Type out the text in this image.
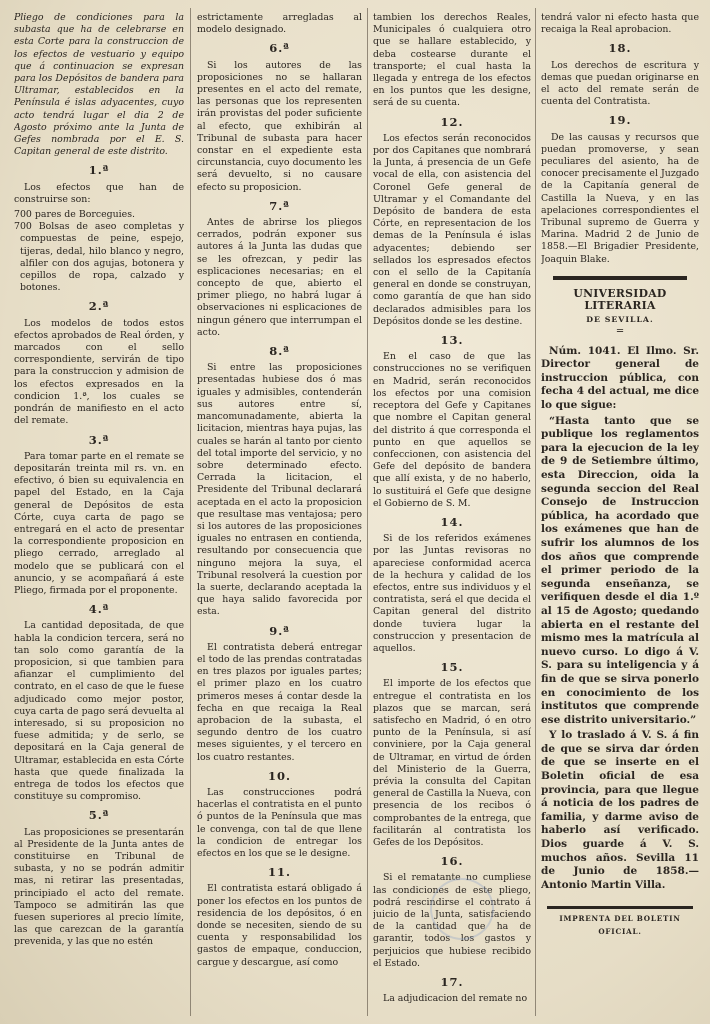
Pliego de condiciones para la subasta que ha de celebrarse en esta Corte para la construccion de los efectos de vestuario y equipo que á continuacion se expresan para los Depósitos de bandera para Ultramar, establecidos en la Península é islas adyacentes, cuyo acto tendrá lugar el dia 2 de Agosto próximo ante la Junta de Gefes nombrada por el E. S. Capitan general de este distrito.

1.ª

Los efectos que han de construirse son:

700 pares de Borceguies.
700 Bolsas de aseo completas y compuestas de peine, espejo, tijeras, dedal, hilo blanco y negro, alfiler con dos agujas, botonera y cepillos de ropa, calzado y botones.
2.ª

Los modelos de todos estos efectos aprobados de Real órden, y marcados con el sello correspondiente, servirán de tipo para la construccion y admision de los efectos expresados en la condicion 1.ª, los cuales se pondrán de manifiesto en el acto del remate.

3.ª

Para tomar parte en el remate se depositarán treinta mil rs. vn. en efectivo, ó bien su equivalencia en papel del Estado, en la Caja general de Depósitos de esta Córte, cuya carta de pago se entregará en el acto de presentar la correspondiente proposicion en pliego cerrado, arreglado al modelo que se publicará con el anuncio, y se acompañará á este Pliego, firmada por el proponente.

4.ª

La cantidad depositada, de que habla la condicion tercera, será no tan solo como garantía de la proposicion, si que tambien para afianzar el cumplimiento del contrato, en el caso de que le fuese adjudicado como mejor postor, cuya carta de pago será devuelta al interesado, si su proposicion no fuese admitida; y de serlo, se depositará en la Caja general de Ultramar, establecida en esta Córte hasta que quede finalizada la entrega de todos los efectos que constituye su compromiso.

5.ª

Las proposiciones se presentarán al Presidente de la Junta antes de constituirse en Tribunal de subasta, y no se podrán admitir mas, ni retirar las presentadas, principiado el acto del remate. Tampoco se admitirán las que fuesen superiores al precio límite, las que carezcan de la garantía prevenida, y las que no estén

estrictamente arregladas al modelo designado.

6.ª

Si los autores de las proposiciones no se hallaran presentes en el acto del remate, las personas que los representen irán provistas del poder suficiente al efecto, que exhibirán al Tribunal de subasta para hacer constar en el expediente esta circunstancia, cuyo documento les será devuelto, si no causare efecto su proposicion.

7.ª

Antes de abrirse los pliegos cerrados, podrán exponer sus autores á la Junta las dudas que se les ofrezcan, y pedir las esplicaciones necesarias; en el concepto de que, abierto el primer pliego, no habrá lugar á observaciones ni esplicaciones de ningun género que interrumpan el acto.

8.ª

Si entre las proposiciones presentadas hubiese dos ó mas iguales y admisibles, contenderán sus autores entre sí, mancomunadamente, abierta la licitacion, mientras haya pujas, las cuales se harán al tanto por ciento del total importe del servicio, y no sobre determinado efecto. Cerrada la licitacion, el Presidente del Tribunal declarará aceptada en el acto la proposicion que resultase mas ventajosa; pero si los autores de las proposiciones iguales no entrasen en contienda, resultando por consecuencia que ninguno mejora la suya, el Tribunal resolverá la cuestion por la suerte, declarando aceptada la que haya salido favorecida por esta.

9.ª

El contratista deberá entregar el todo de las prendas contratadas en tres plazos por iguales partes; el primer plazo en los cuatro primeros meses á contar desde la fecha en que recaiga la Real aprobacion de la subasta, el segundo dentro de los cuatro meses siguientes, y el tercero en los cuatro restantes.

10.

Las construcciones podrá hacerlas el contratista en el punto ó puntos de la Península que mas le convenga, con tal de que llene la condicion de entregar los efectos en los que se le designe.

11.

El contratista estará obligado á poner los efectos en los puntos de residencia de los depósitos, ó en donde se necesiten, siendo de su cuenta y responsabilidad los gastos de empaque, conduccion, cargue y descargue, así como

tambien los derechos Reales, Municipales ó cualquiera otro que se hallare establecido, y deba costearse durante el transporte; el cual hasta la llegada y entrega de los efectos en los puntos que les designe, será de su cuenta.

12.

Los efectos serán reconocidos por dos Capitanes que nombrará la Junta, á presencia de un Gefe vocal de ella, con asistencia del Coronel Gefe general de Ultramar y el Comandante del Depósito de bandera de esta Córte, en representacion de los demas de la Península é islas adyacentes; debiendo ser sellados los espresados efectos con el sello de la Capitanía general en donde se construyan, como garantía de que han sido declarados admisibles para los Depósitos donde se les destine.

13.

En el caso de que las construcciones no se verifiquen en Madrid, serán reconocidos los efectos por una comision receptora del Gefe y Capitanes que nombre el Capitan general del distrito á que corresponda el punto en que aquellos se confeccionen, con asistencia del Gefe del depósito de bandera que allí exista, y de no haberlo, lo sustituirá el Gefe que designe el Gobierno de S. M.

14.

Si de los referidos exámenes por las Juntas revisoras no apareciese conformidad acerca de la hechura y calidad de los efectos, entre sus individuos y el contratista, será el que decida el Capitan general del distrito donde tuviera lugar la construccion y presentacion de aquellos.

15.

El importe de los efectos que entregue el contratista en los plazos que se marcan, será satisfecho en Madrid, ó en otro punto de la Península, si así conviniere, por la Caja general de Ultramar, en virtud de órden del Ministerio de la Guerra, prévia la consulta del Capitan general de Castilla la Nueva, con presencia de los recibos ó comprobantes de la entrega, que facilitarán al contratista los Gefes de los Depósitos.

16.

Si el rematante no cumpliese las condiciones de este pliego, podrá rescindirse el contrato á juicio de la Junta, satisfaciendo de la cantidad que ha de garantir, todos los gastos y perjuicios que hubiese recibido el Estado.

17.

La adjudicacion del remate no

tendrá valor ni efecto hasta que recaiga la Real aprobacion.

18.

Los derechos de escritura y demas que puedan originarse en el acto del remate serán de cuenta del Contratista.

19.

De las causas y recursos que puedan promoverse, y sean peculiares del asiento, ha de conocer precisamente el Juzgado de la Capitanía general de Castilla la Nueva, y en las apelaciones correspondientes el Tribunal supremo de Guerra y Marina. Madrid 2 de Junio de 1858.—El Brigadier Presidente, Joaquin Blake.

UNIVERSIDAD LITERARIA
DE SEVILLA.
═

Núm. 1041. El Ilmo. Sr. Director general de instruccion pública, con fecha 4 del actual, me dice lo que sigue:

“Hasta tanto que se publique los reglamentos para la ejecucion de la ley de 9 de Setiembre último, esta Direccion, oida la segunda seccion del Real Consejo de Instruccion pública, ha acordado que los exámenes que han de sufrir los alumnos de los dos años que comprende el primer periodo de la segunda enseñanza, se verifiquen desde el dia 1.º al 15 de Agosto; quedando abierta en el restante del mismo mes la matrícula al nuevo curso. Lo digo á V. S. para su inteligencia y á fin de que se sirva ponerlo en conocimiento de los institutos que comprende ese distrito universitario.”

Y lo traslado á V. S. á fin de que se sirva dar órden de que se inserte en el Boletin oficial de esa provincia, para que llegue á noticia de los padres de familia, y darme aviso de haberlo así verificado. Dios guarde á V. S. muchos años. Sevilla 11 de Junio de 1858.—Antonio Martin Villa.

IMPRENTA DEL BOLETIN OFICIAL.
